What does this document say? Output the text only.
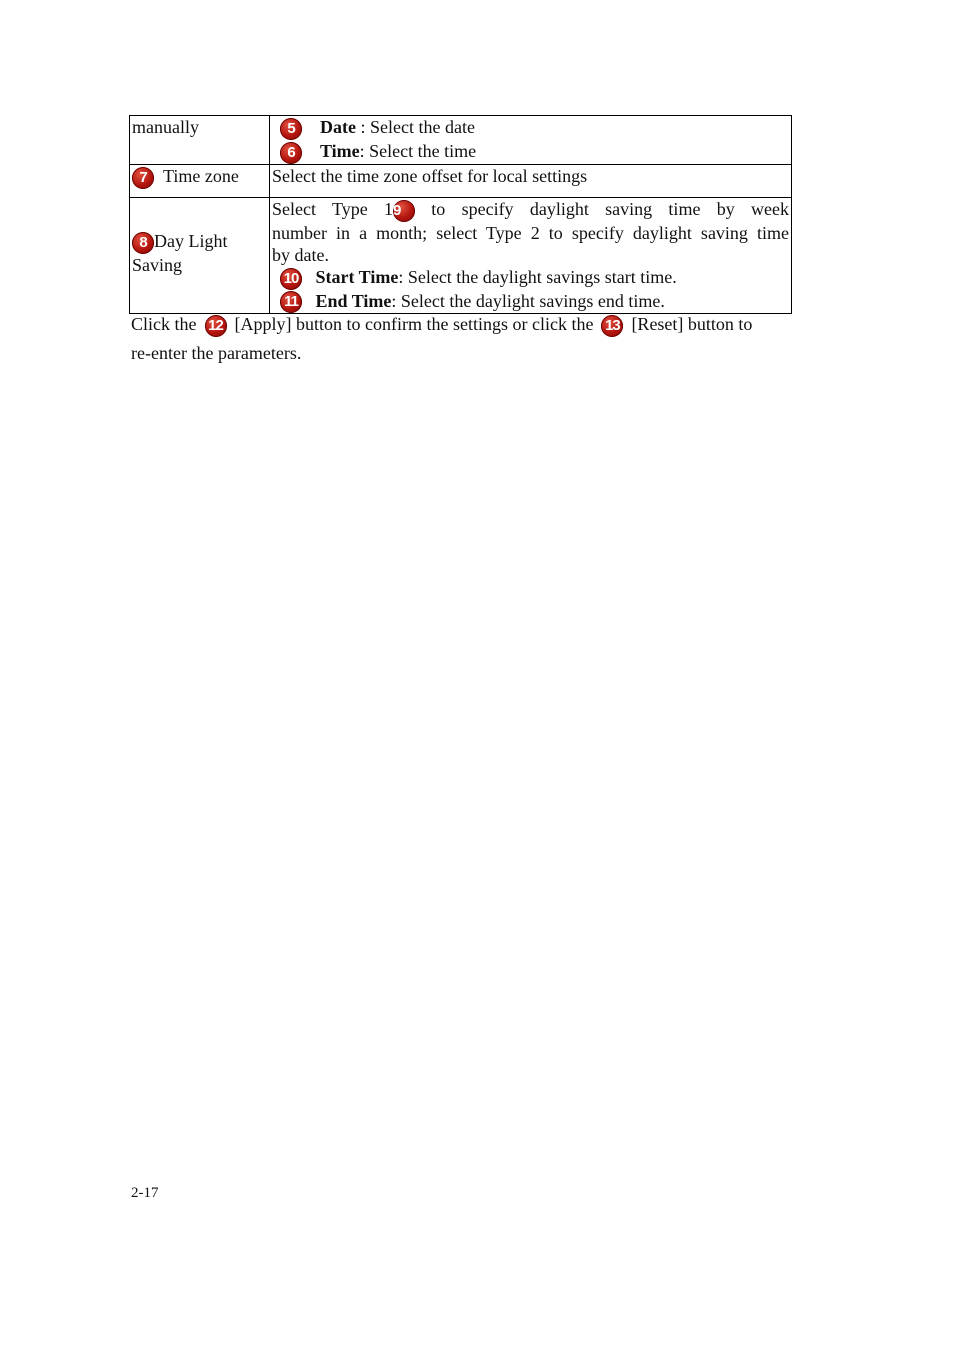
manually	5 Date : Select the date
6 Time: Select the time

7 Time zone	Select the time zone offset for local settings

8 Day Light
Saving	Select Type 19 to specify daylight saving time by week
number in a month; select Type 2 to specify daylight saving time
by date.
10 Start Time: Select the daylight savings start time.
11 End Time: Select the daylight savings end time.
Click the 12 [Apply] button to confirm the settings or click the 13 [Reset] button to
re-enter the parameters.
2-17
